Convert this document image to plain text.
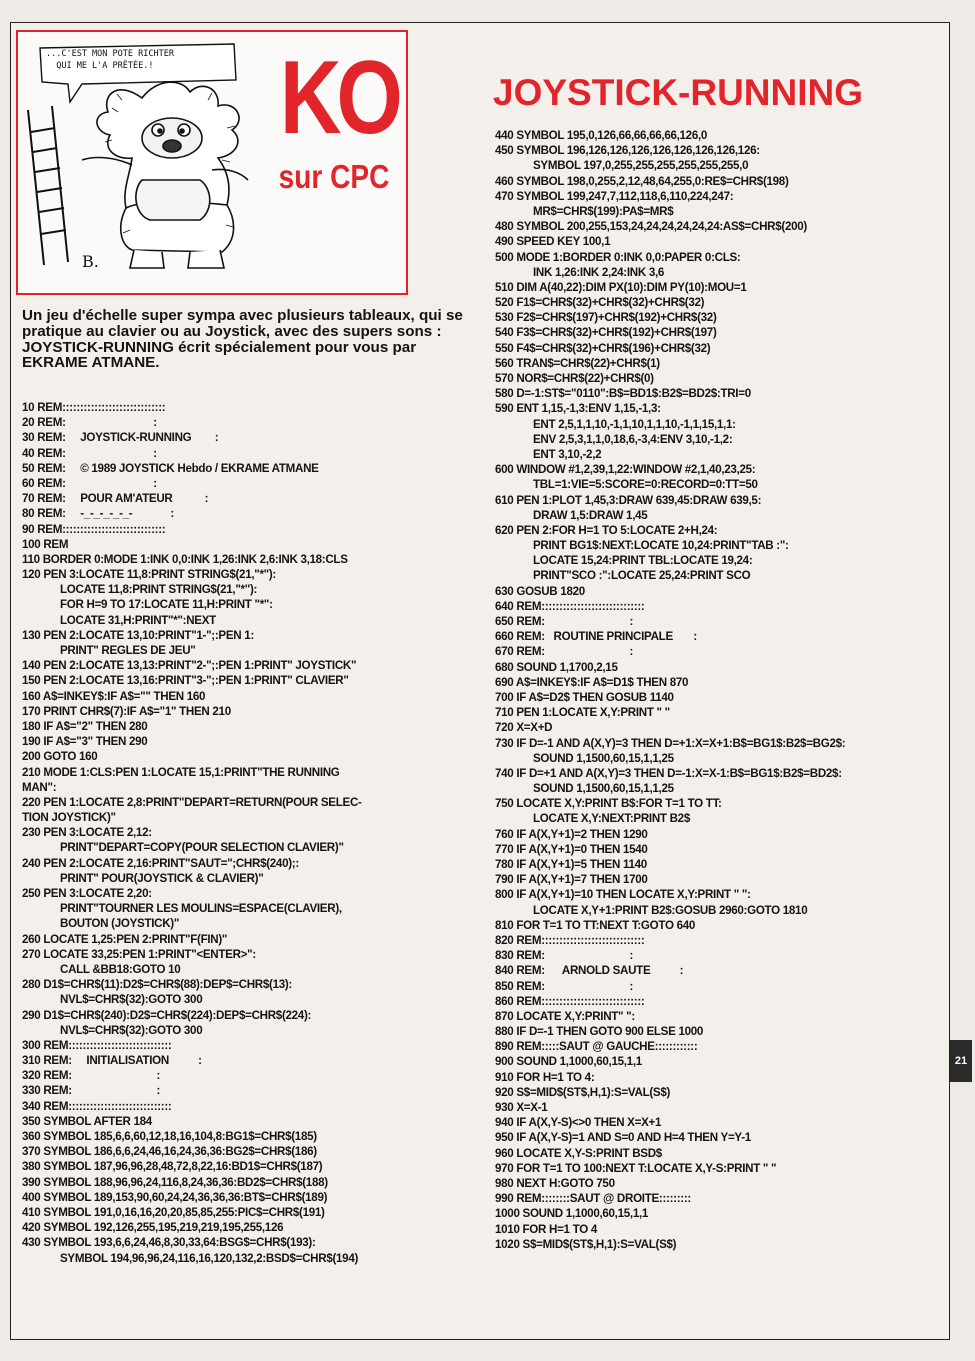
...C'EST MON POTE RICHTER
QUI ME L'A PRÊTÉE.!	KO
sur CPC
B.
JOYSTICK-RUNNING
Un jeu d'échelle super sympa avec plusieurs tableaux, qui se pratique au clavier ou au Joystick, avec des supers sons : JOYSTICK-RUNNING écrit spécialement pour vous par EKRAME ATMANE.
10 REM:::::::::::::::::::::::::::::
20 REM:                              :
30 REM:     JOYSTICK-RUNNING        :
40 REM:                              :
50 REM:     © 1989 JOYSTICK Hebdo / EKRAME ATMANE
60 REM:                              :
70 REM:     POUR AM'ATEUR           :
80 REM:     -_-_-_-_-_-             :
90 REM:::::::::::::::::::::::::::::
100 REM
110 BORDER 0:MODE 1:INK 0,0:INK 1,26:INK 2,6:INK 3,18:CLS
120 PEN 3:LOCATE 11,8:PRINT STRING$(21,"*"):
LOCATE 11,8:PRINT STRING$(21,"*"):
FOR H=9 TO 17:LOCATE 11,H:PRINT "*":
LOCATE 31,H:PRINT"*":NEXT
130 PEN 2:LOCATE 13,10:PRINT"1-";:PEN 1:
PRINT" REGLES DE JEU"
140 PEN 2:LOCATE 13,13:PRINT"2-";:PEN 1:PRINT" JOYSTICK"
150 PEN 2:LOCATE 13,16:PRINT"3-";:PEN 1:PRINT" CLAVIER"
160 A$=INKEY$:IF A$="" THEN 160
170 PRINT CHR$(7):IF A$="1" THEN 210
180 IF A$="2" THEN 280
190 IF A$="3" THEN 290
200 GOTO 160
210 MODE 1:CLS:PEN 1:LOCATE 15,1:PRINT"THE RUNNING
MAN":
220 PEN 1:LOCATE 2,8:PRINT"DEPART=RETURN(POUR SELEC-
TION JOYSTICK)"
230 PEN 3:LOCATE 2,12:
PRINT"DEPART=COPY(POUR SELECTION CLAVIER)"
240 PEN 2:LOCATE 2,16:PRINT"SAUT=";CHR$(240);:
PRINT" POUR(JOYSTICK & CLAVIER)"
250 PEN 3:LOCATE 2,20:
PRINT"TOURNER LES MOULINS=ESPACE(CLAVIER),
BOUTON (JOYSTICK)"
260 LOCATE 1,25:PEN 2:PRINT"F(FIN)"
270 LOCATE 33,25:PEN 1:PRINT"<ENTER>":
CALL &BB18:GOTO 10
280 D1$=CHR$(11):D2$=CHR$(88):DEP$=CHR$(13):
NVL$=CHR$(32):GOTO 300
290 D1$=CHR$(240):D2$=CHR$(224):DEP$=CHR$(224):
NVL$=CHR$(32):GOTO 300
300 REM:::::::::::::::::::::::::::::
310 REM:     INITIALISATION          :
320 REM:                             :
330 REM:                             :
340 REM:::::::::::::::::::::::::::::
350 SYMBOL AFTER 184
360 SYMBOL 185,6,6,60,12,18,16,104,8:BG1$=CHR$(185)
370 SYMBOL 186,6,6,24,46,16,24,36,36:BG2$=CHR$(186)
380 SYMBOL 187,96,96,28,48,72,8,22,16:BD1$=CHR$(187)
390 SYMBOL 188,96,96,24,116,8,24,36,36:BD2$=CHR$(188)
400 SYMBOL 189,153,90,60,24,24,36,36,36:BT$=CHR$(189)
410 SYMBOL 191,0,16,16,20,20,85,85,255:PIC$=CHR$(191)
420 SYMBOL 192,126,255,195,219,219,195,255,126
430 SYMBOL 193,6,6,24,46,8,30,33,64:BSG$=CHR$(193):
SYMBOL 194,96,96,24,116,16,120,132,2:BSD$=CHR$(194)
440 SYMBOL 195,0,126,66,66,66,66,126,0
450 SYMBOL 196,126,126,126,126,126,126,126,126:
SYMBOL 197,0,255,255,255,255,255,255,0
460 SYMBOL 198,0,255,2,12,48,64,255,0:RE$=CHR$(198)
470 SYMBOL 199,247,7,112,118,6,110,224,247:
MR$=CHR$(199):PA$=MR$
480 SYMBOL 200,255,153,24,24,24,24,24,24:AS$=CHR$(200)
490 SPEED KEY 100,1
500 MODE 1:BORDER 0:INK 0,0:PAPER 0:CLS:
INK 1,26:INK 2,24:INK 3,6
510 DIM A(40,22):DIM PX(10):DIM PY(10):MOU=1
520 F1$=CHR$(32)+CHR$(32)+CHR$(32)
530 F2$=CHR$(197)+CHR$(192)+CHR$(32)
540 F3$=CHR$(32)+CHR$(192)+CHR$(197)
550 F4$=CHR$(32)+CHR$(196)+CHR$(32)
560 TRAN$=CHR$(22)+CHR$(1)
570 NOR$=CHR$(22)+CHR$(0)
580 D=-1:ST$="0110":B$=BD1$:B2$=BD2$:TRI=0
590 ENT 1,15,-1,3:ENV 1,15,-1,3:
ENT 2,5,1,1,10,-1,1,10,1,1,10,-1,1,15,1,1:
ENV 2,5,3,1,1,0,18,6,-3,4:ENV 3,10,-1,2:
ENT 3,10,-2,2
600 WINDOW #1,2,39,1,22:WINDOW #2,1,40,23,25:
TBL=1:VIE=5:SCORE=0:RECORD=0:TT=50
610 PEN 1:PLOT 1,45,3:DRAW 639,45:DRAW 639,5:
DRAW 1,5:DRAW 1,45
620 PEN 2:FOR H=1 TO 5:LOCATE 2+H,24:
PRINT BG1$:NEXT:LOCATE 10,24:PRINT"TAB :":
LOCATE 15,24:PRINT TBL:LOCATE 19,24:
PRINT"SCO :":LOCATE 25,24:PRINT SCO
630 GOSUB 1820
640 REM:::::::::::::::::::::::::::::
650 REM:                             :
660 REM:   ROUTINE PRINCIPALE       :
670 REM:                             :
680 SOUND 1,1700,2,15
690 A$=INKEY$:IF A$=D1$ THEN 870
700 IF A$=D2$ THEN GOSUB 1140
710 PEN 1:LOCATE X,Y:PRINT " "
720 X=X+D
730 IF D=-1 AND A(X,Y)=3 THEN D=+1:X=X+1:B$=BG1$:B2$=BG2$:
SOUND 1,1500,60,15,1,1,25
740 IF D=+1 AND A(X,Y)=3 THEN D=-1:X=X-1:B$=BG1$:B2$=BD2$:
SOUND 1,1500,60,15,1,1,25
750 LOCATE X,Y:PRINT B$:FOR T=1 TO TT:
LOCATE X,Y:NEXT:PRINT B2$
760 IF A(X,Y+1)=2 THEN 1290
770 IF A(X,Y+1)=0 THEN 1540
780 IF A(X,Y+1)=5 THEN 1140
790 IF A(X,Y+1)=7 THEN 1700
800 IF A(X,Y+1)=10 THEN LOCATE X,Y:PRINT " ":
LOCATE X,Y+1:PRINT B2$:GOSUB 2960:GOTO 1810
810 FOR T=1 TO TT:NEXT T:GOTO 640
820 REM:::::::::::::::::::::::::::::
830 REM:                             :
840 REM:      ARNOLD SAUTE          :
850 REM:                             :
860 REM:::::::::::::::::::::::::::::
870 LOCATE X,Y:PRINT" ":
880 IF D=-1 THEN GOTO 900 ELSE 1000
890 REM:::::SAUT @ GAUCHE::::::::::::
900 SOUND 1,1000,60,15,1,1
910 FOR H=1 TO 4:
920 S$=MID$(ST$,H,1):S=VAL(S$)
930 X=X-1
940 IF A(X,Y-S)<>0 THEN X=X+1
950 IF A(X,Y-S)=1 AND S=0 AND H=4 THEN Y=Y-1
960 LOCATE X,Y-S:PRINT BSD$
970 FOR T=1 TO 100:NEXT T:LOCATE X,Y-S:PRINT " "
980 NEXT H:GOTO 750
990 REM::::::::SAUT @ DROITE:::::::::
1000 SOUND 1,1000,60,15,1,1
1010 FOR H=1 TO 4
1020 S$=MID$(ST$,H,1):S=VAL(S$)
21
